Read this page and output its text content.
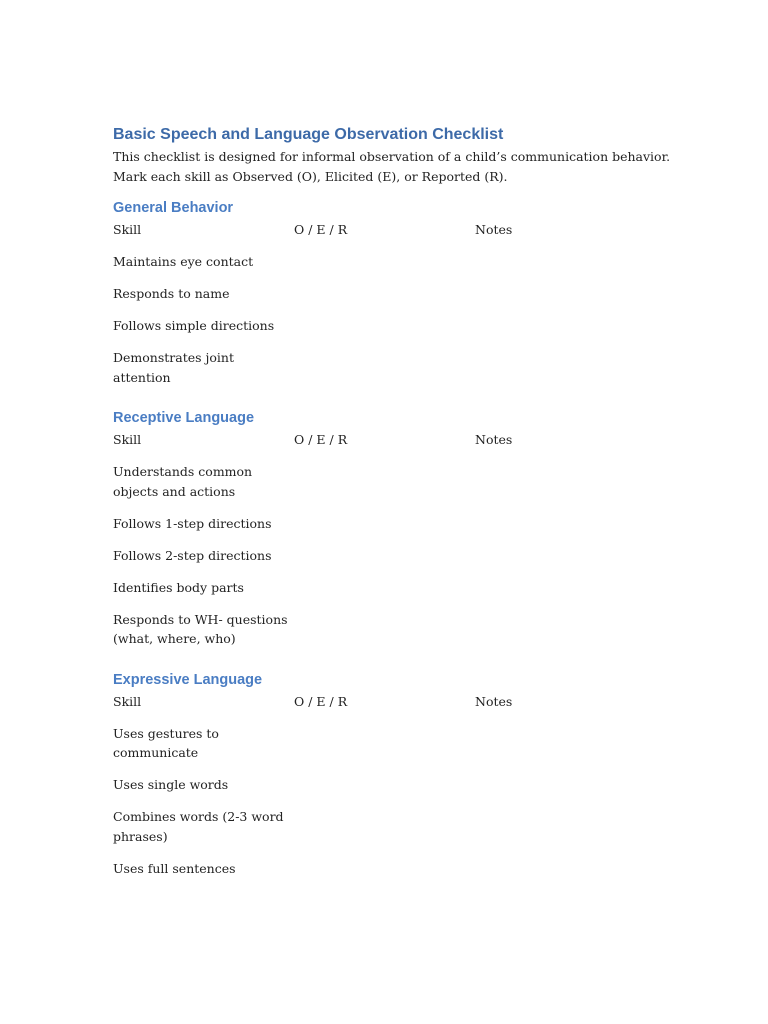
Basic Speech and Language Observation Checklist

This checklist is designed for informal observation of a child’s communication behavior.
Mark each skill as Observed (O), Elicited (E), or Reported (R).

General Behavior
Skill	O / E / R	Notes
Maintains eye contact
Responds to name
Follows simple directions
Demonstrates joint
attention
Receptive Language
Skill	O / E / R	Notes
Understands common
objects and actions
Follows 1-step directions
Follows 2-step directions
Identifies body parts
Responds to WH- questions
(what, where, who)
Expressive Language
Skill	O / E / R	Notes
Uses gestures to
communicate
Uses single words
Combines words (2-3 word
phrases)
Uses full sentences
